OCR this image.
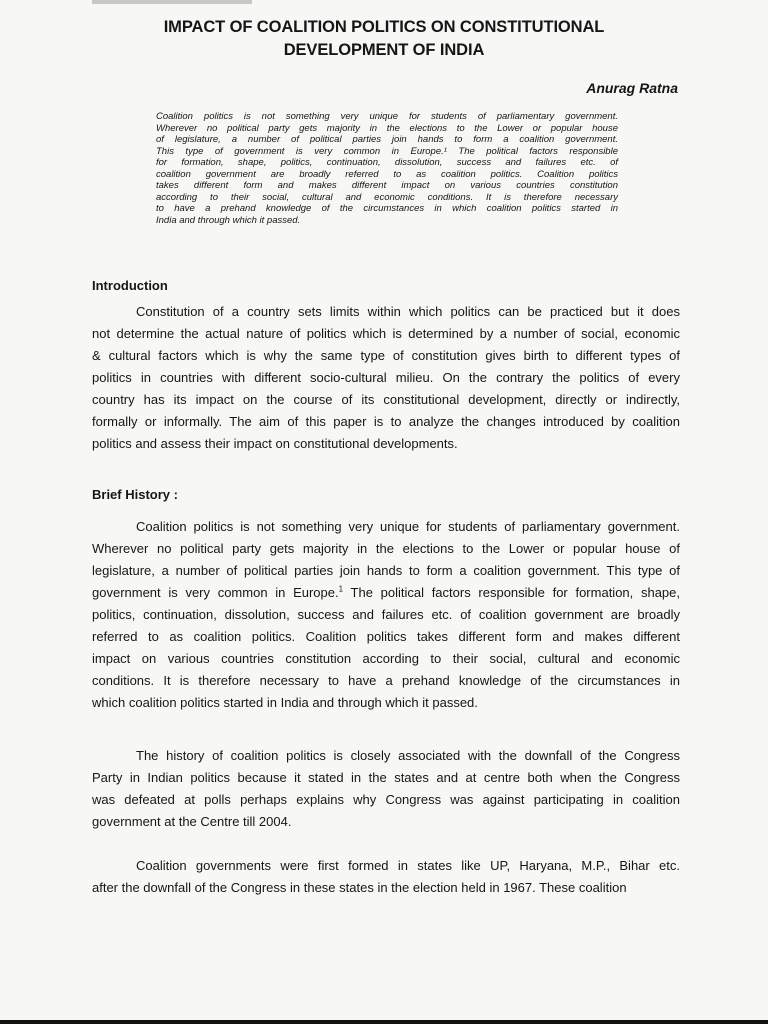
IMPACT OF COALITION POLITICS ON CONSTITUTIONAL
DEVELOPMENT OF INDIA
Anurag Ratna
Coalition politics is not something very unique for students of parliamentary government.
Wherever no political party gets majority in the elections to the Lower or popular house
of legislature, a number of political parties join hands to form a coalition government.
This type of government is very common in Europe.¹ The political factors responsible
for formation, shape, politics, continuation, dissolution, success and failures etc. of
coalition government are broadly referred to as coalition politics. Coalition politics
takes different form and makes different impact on various countries constitution
according to their social, cultural and economic conditions. It is therefore necessary
to have a prehand knowledge of the circumstances in which coalition politics started in
India and through which it passed.
Introduction
Constitution of a country sets limits within which politics can be practiced but it does
not determine the actual nature of politics which is determined by a number of social, economic
& cultural factors which is why the same type of constitution gives birth to different types of
politics in countries with different socio-cultural milieu. On the contrary the politics of every
country has its impact on the course of its constitutional development, directly or indirectly,
formally or informally. The aim of this paper is to analyze the changes introduced by coalition
politics and assess their impact on constitutional developments.
Brief History :
Coalition politics is not something very unique for students of parliamentary government.
Wherever no political party gets majority in the elections to the Lower or popular house of
legislature, a number of political parties join hands to form a coalition government. This type of
government is very common in Europe.$^1$ The political factors responsible for formation, shape,
politics, continuation, dissolution, success and failures etc. of coalition government are broadly
referred to as coalition politics. Coalition politics takes different form and makes different
impact on various countries constitution according to their social, cultural and economic
conditions. It is therefore necessary to have a prehand knowledge of the circumstances in
which coalition politics started in India and through which it passed.
The history of coalition politics is closely associated with the downfall of the Congress
Party in Indian politics because it stated in the states and at centre both when the Congress
was defeated at polls perhaps explains why Congress was against participating in coalition
government at the Centre till 2004.
Coalition governments were first formed in states like UP, Haryana, M.P., Bihar etc.
after the downfall of the Congress in these states in the election held in 1967. These coalition
